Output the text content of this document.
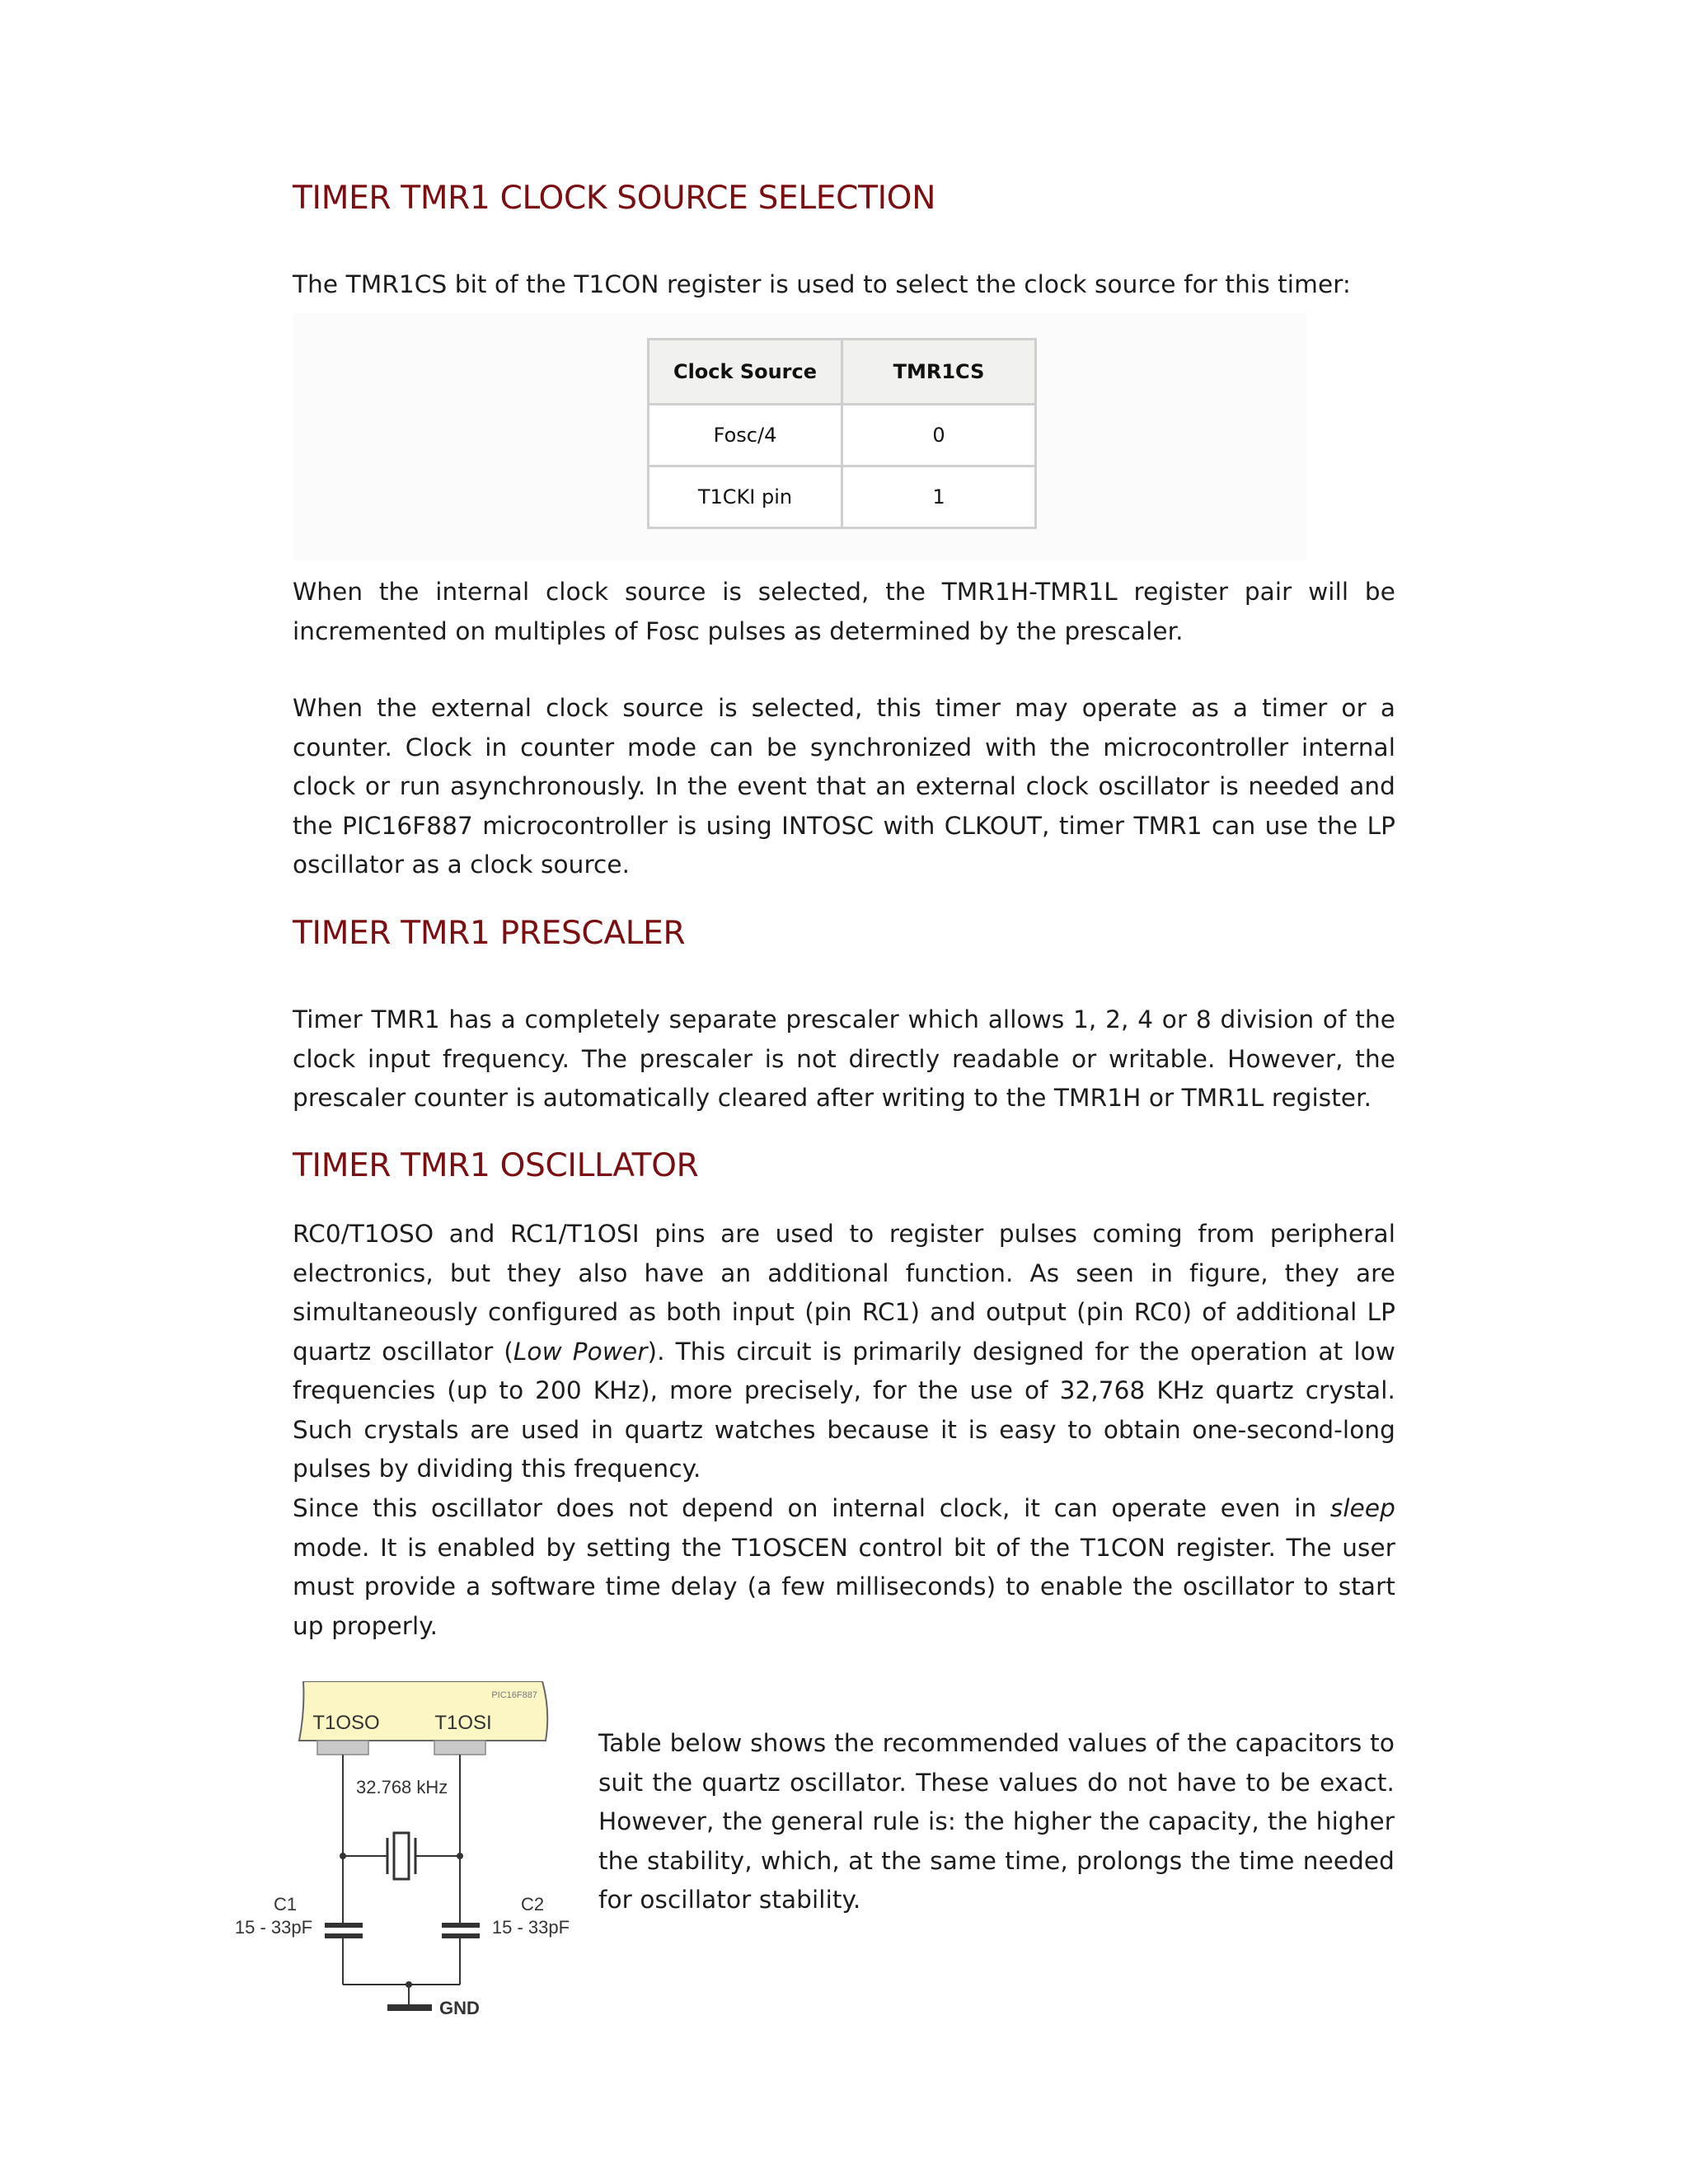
TIMER TMR1 CLOCK SOURCE SELECTION

The TMR1CS bit of the T1CON register is used to select the clock source for this timer:

Clock Source	TMR1CS
Fosc/4	0
T1CKI pin	1

When the internal clock source is selected, the TMR1H-TMR1L register pair will be incremented on multiples of Fosc pulses as determined by the prescaler.

When the external clock source is selected, this timer may operate as a timer or a counter. Clock in counter mode can be synchronized with the microcontroller internal clock or run asynchronously. In the event that an external clock oscillator is needed and the PIC16F887 microcontroller is using INTOSC with CLKOUT, timer TMR1 can use the LP oscillator as a clock source.

TIMER TMR1 PRESCALER

Timer TMR1 has a completely separate prescaler which allows 1, 2, 4 or 8 division of the clock input frequency. The prescaler is not directly readable or writable. However, the prescaler counter is automatically cleared after writing to the TMR1H or TMR1L register.

TIMER TMR1 OSCILLATOR

RC0/T1OSO and RC1/T1OSI pins are used to register pulses coming from peripheral electronics, but they also have an additional function. As seen in figure, they are simultaneously configured as both input (pin RC1) and output (pin RC0) of additional LP quartz oscillator (Low Power). This circuit is primarily designed for the operation at low frequencies (up to 200 KHz), more precisely, for the use of 32,768 KHz quartz crystal. Such crystals are used in quartz watches because it is easy to obtain one-second-long pulses by dividing this frequency.

Since this oscillator does not depend on internal clock, it can operate even in sleep mode. It is enabled by setting the T1OSCEN control bit of the T1CON register. The user must provide a software time delay (a few milliseconds) to enable the oscillator to start up properly.

PIC16F887
T1OSO	T1OSI
32.768 kHz
C1
15 - 33pF
C2
15 - 33pF
GND

Table below shows the recommended values of the capacitors to suit the quartz oscillator. These values do not have to be exact. However, the general rule is: the higher the capacity, the higher the stability, which, at the same time, prolongs the time needed for oscillator stability.
